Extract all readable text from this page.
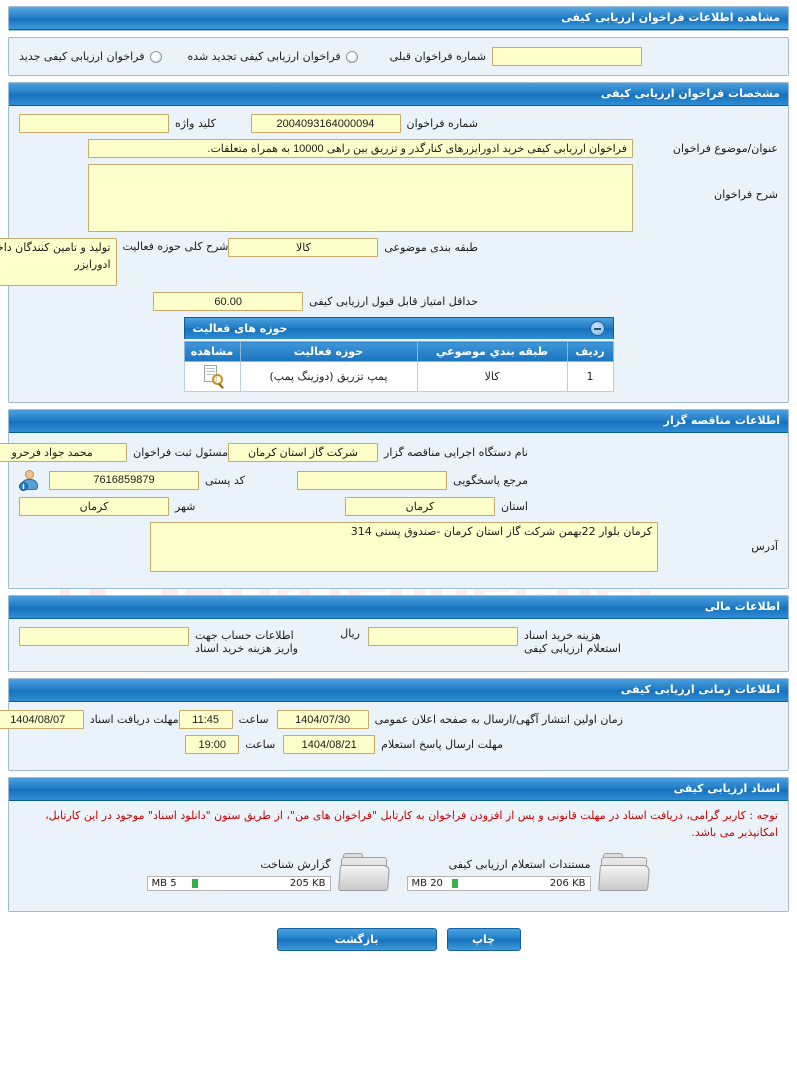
مشاهده اطلاعات فراخوان ارزیابی کیفی
شماره فراخوان قبلی
فراخوان ارزیابی کیفی تجدید شده
فراخوان ارزیابی کیفی جدید
مشخصات فراخوان ارزیابی کیفی
شماره فراخوان
2004093164000094
کلید واژه
عنوان/موضوع فراخوان
فراخوان ارزیابی کیفی خرید ادورایزرهای کنارگذر و تزریق بین راهی 10000 به همراه متعلقات.
شرح فراخوان
طبقه بندی موضوعی
کالا
شرح کلی حوزه فعالیت
تولید و تامین کنندگان داخلی ادورایزر
حداقل امتیاز قابل قبول ارزیابی کیفی
60.00
حوزه های فعالیت
ردیف	طبقه بندي موضوعي	حوزه فعالیت	مشاهده
1	کالا	پمپ تزریق (دوزینگ پمپ)	
اطلاعات مناقصه گزار
نام دستگاه اجرایی مناقصه گزار
شرکت گاز استان کرمان
مسئول ثبت فراخوان
محمد جواد فرحرو
مرجع پاسخگویی
کد پستی
7616859879
i
استان
کرمان
شهر
کرمان
آدرس
کرمان بلوار 22بهمن شرکت گاز استان کرمان -صندوق پستی 314
اطلاعات مالی
هزینه خرید اسناد استعلام ارزیابی کیفی
ریال
اطلاعات حساب جهت واریز هزینه خرید اسناد
اطلاعات زمانی ارزیابی کیفی
زمان اولین انتشار آگهی/ارسال به صفحه اعلان عمومی
1404/07/30
ساعت
11:45
مهلت دریافت اسناد
1404/08/07
مهلت ارسال پاسخ استعلام
1404/08/21
ساعت
19:00
اسناد ارزیابی کیفی
توجه : کاربر گرامی، دریافت اسناد در مهلت قانونی و پس از افزودن فراخوان به کارتابل "فراخوان های من"، از طریق ستون "دانلود اسناد" موجود در این کارتابل، امکانپذیر می باشد.
مستندات استعلام ارزیابی کیفی
206 KB
20 MB
گزارش شناخت
205 KB
5 MB
چاپ
بازگشت
